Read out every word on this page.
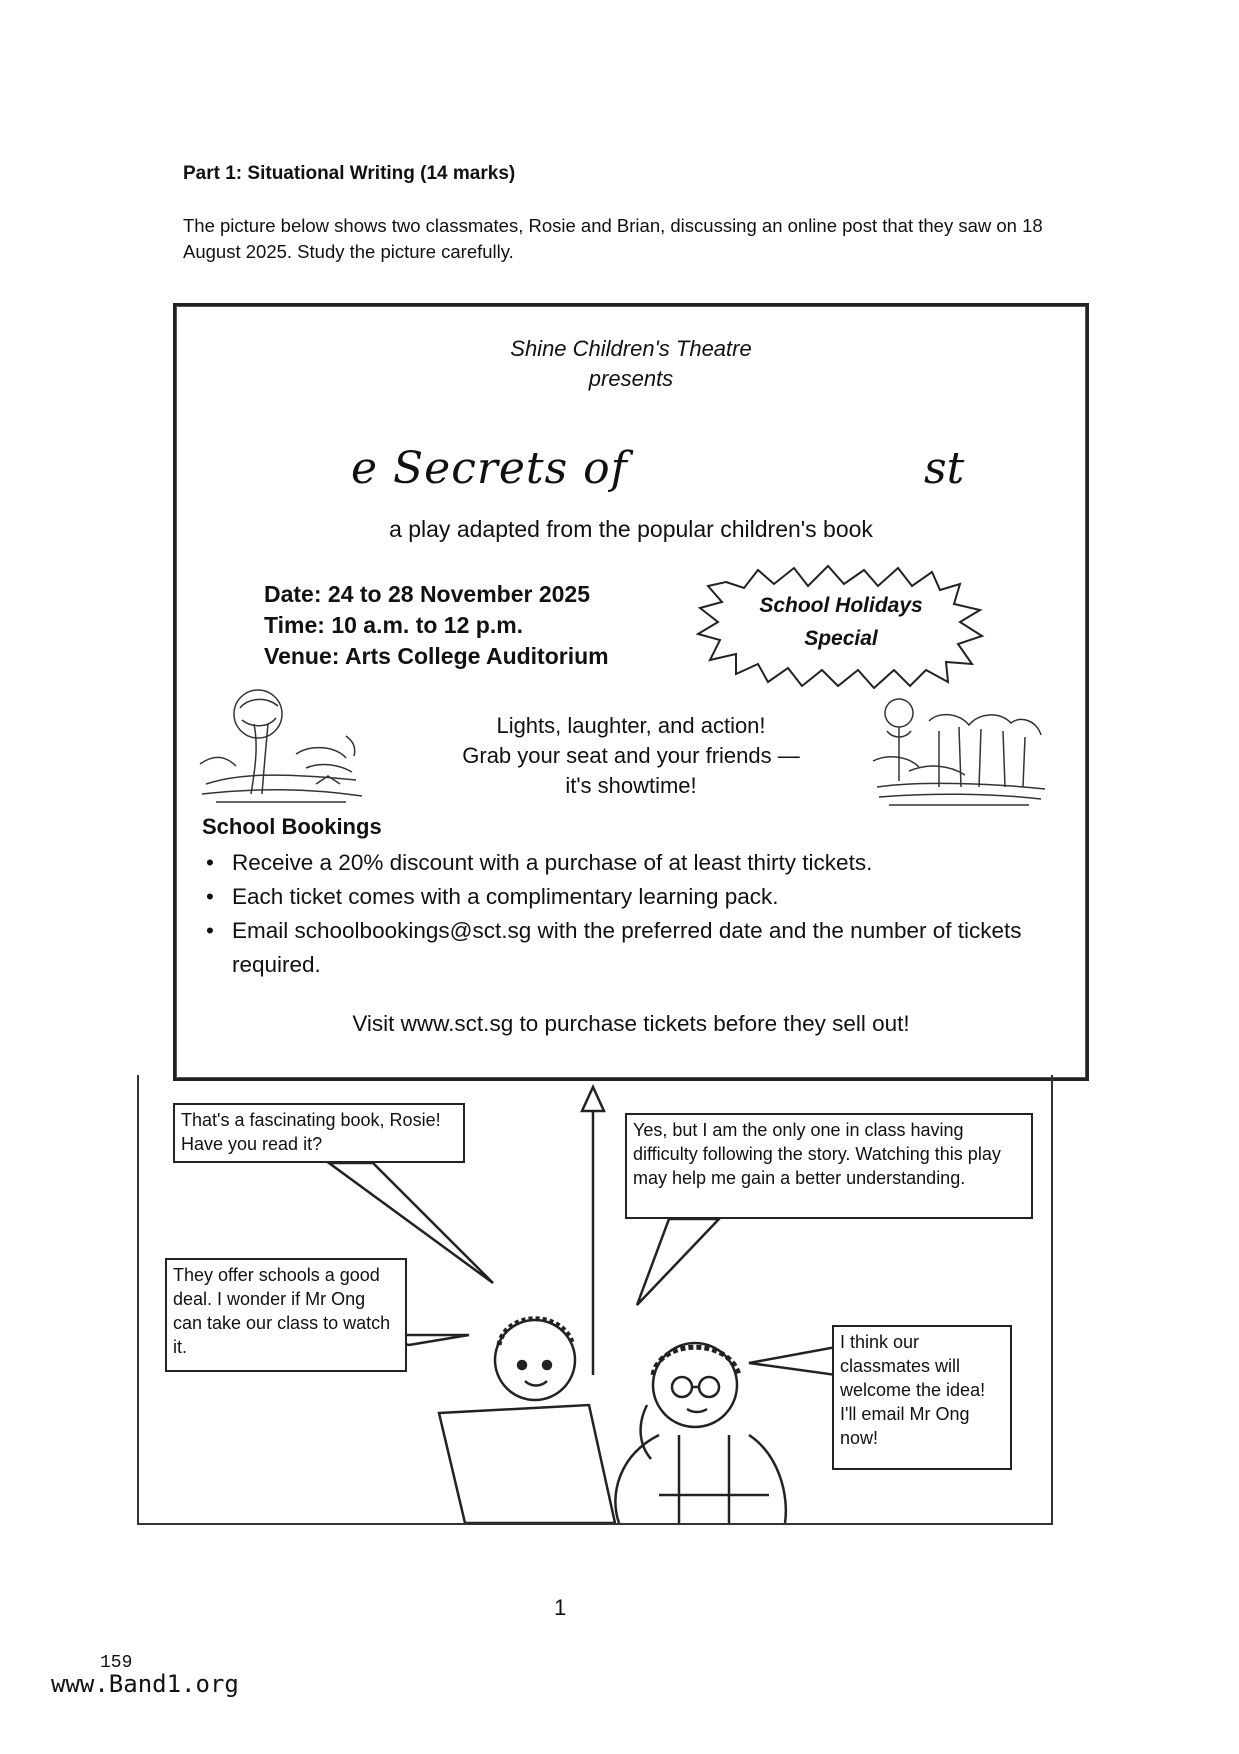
Part 1: Situational Writing (14 marks)
The picture below shows two classmates, Rosie and Brian, discussing an online post that they saw on 18 August 2025. Study the picture carefully.
Shine Children's Theatre
presents
e Secrets of	st
a play adapted from the popular children's book
Date: 24 to 28 November 2025
Time: 10 a.m. to 12 p.m.
Venue: Arts College Auditorium
School Holidays
Special
Lights, laughter, and action!
Grab your seat and your friends —
it's showtime!
School Bookings
• Receive a 20% discount with a purchase of at least thirty tickets.
• Each ticket comes with a complimentary learning pack.
• Email schoolbookings@sct.sg with the preferred date and the number of tickets required.
Visit www.sct.sg to purchase tickets before they sell out!
That's a fascinating book, Rosie! Have you read it?
Yes, but I am the only one in class having difficulty following the story. Watching this play may help me gain a better understanding.
They offer schools a good deal. I wonder if Mr Ong can take our class to watch it.	I think our classmates will welcome the idea! I'll email Mr Ong now!
1
159
www.Band1.org
